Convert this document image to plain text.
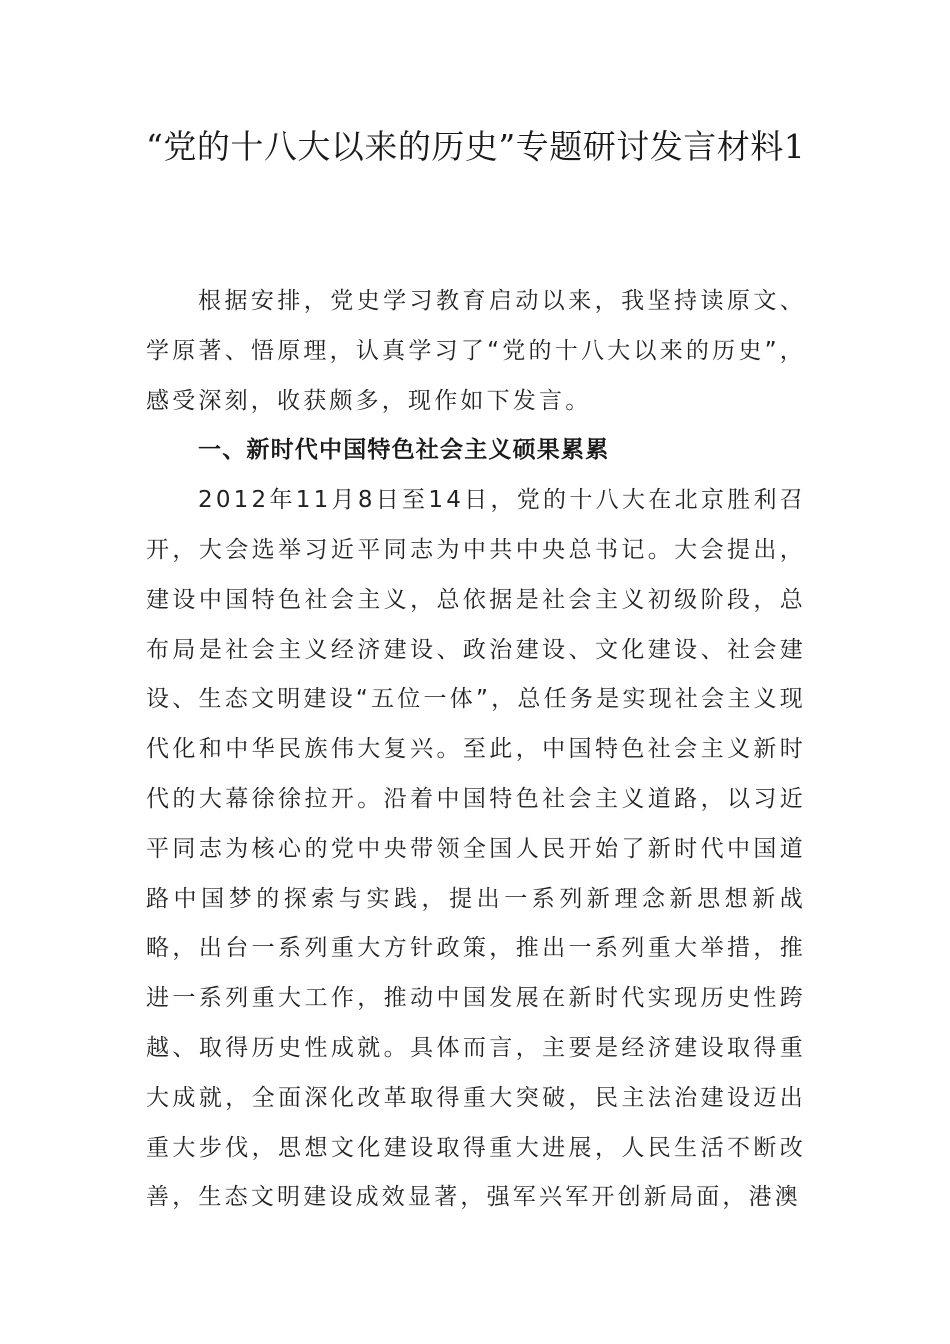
“党的十八大以来的历史”专题研讨发言材料1

根据安排，党史学习教育启动以来，我坚持读原文、学原著、悟原理，认真学习了“党的十八大以来的历史”，感受深刻，收获颇多，现作如下发言。

一、新时代中国特色社会主义硕果累累

2012年11月8日至14日，党的十八大在北京胜利召开，大会选举习近平同志为中共中央总书记。大会提出，建设中国特色社会主义，总依据是社会主义初级阶段，总布局是社会主义经济建设、政治建设、文化建设、社会建设、生态文明建设“五位一体”，总任务是实现社会主义现代化和中华民族伟大复兴。至此，中国特色社会主义新时代的大幕徐徐拉开。沿着中国特色社会主义道路，以习近平同志为核心的党中央带领全国人民开始了新时代中国道路中国梦的探索与实践，提出一系列新理念新思想新战略，出台一系列重大方针政策，推出一系列重大举措，推进一系列重大工作，推动中国发展在新时代实现历史性跨越、取得历史性成就。具体而言，主要是经济建设取得重大成就，全面深化改革取得重大突破，民主法治建设迈出重大步伐，思想文化建设取得重大进展，人民生活不断改善，生态文明建设成效显著，强军兴军开创新局面，港澳
